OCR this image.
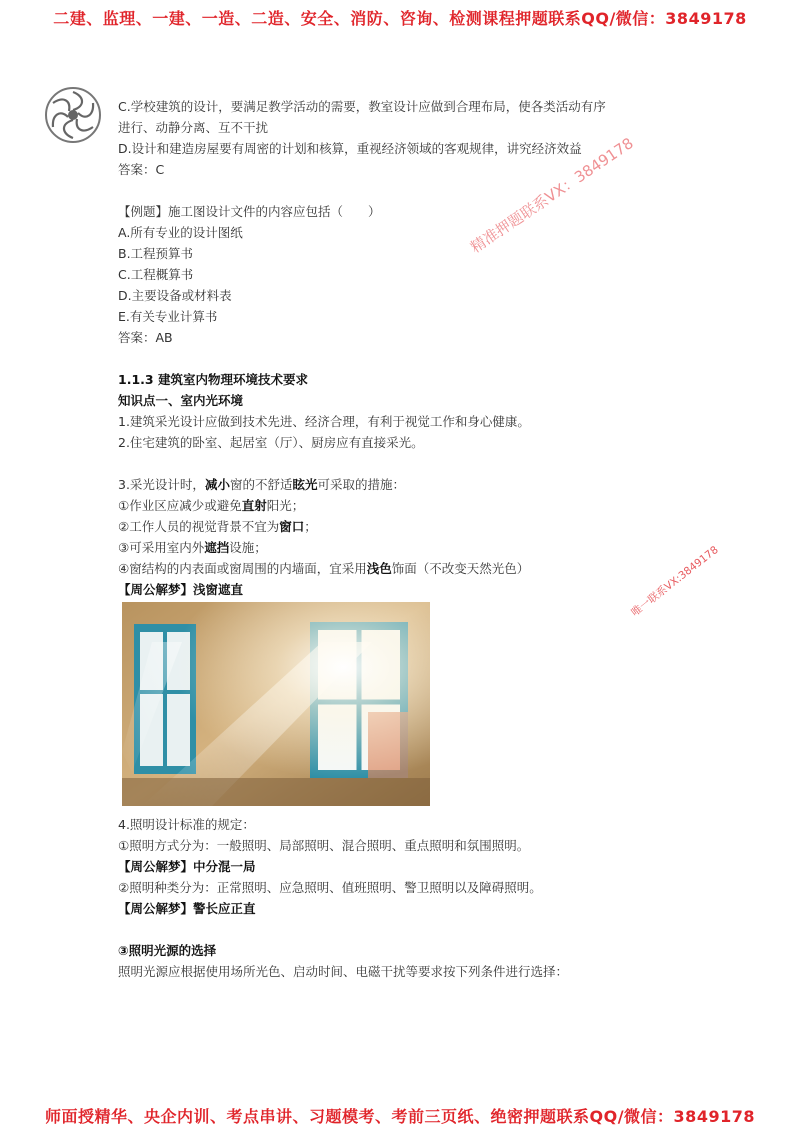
二建、监理、一建、一造、二造、安全、消防、咨询、检测课程押题联系QQ/微信：3849178
精准押题联系VX：3849178
唯一联系VX:3849178

C.学校建筑的设计，要满足教学活动的需要，教室设计应做到合理布局，使各类活动有序

进行、动静分离、互不干扰

D.设计和建造房屋要有周密的计划和核算，重视经济领域的客观规律，讲究经济效益

答案：C

【例题】施工图设计文件的内容应包括（　　）

A.所有专业的设计图纸

B.工程预算书

C.工程概算书

D.主要设备或材料表

E.有关专业计算书

答案：AB

1.1.3 建筑室内物理环境技术要求

知识点一、室内光环境

1.建筑采光设计应做到技术先进、经济合理，有利于视觉工作和身心健康。

2.住宅建筑的卧室、起居室（厅）、厨房应有直接采光。

3.采光设计时，减小窗的不舒适眩光可采取的措施：

①作业区应减少或避免直射阳光；

②工作人员的视觉背景不宜为窗口；

③可采用室内外遮挡设施；

④窗结构的内表面或窗周围的内墙面，宜采用浅色饰面（不改变天然光色）

【周公解梦】浅窗遮直

4.照明设计标准的规定：

①照明方式分为：一般照明、局部照明、混合照明、重点照明和氛围照明。

【周公解梦】中分混一局

②照明种类分为：正常照明、应急照明、值班照明、警卫照明以及障碍照明。

【周公解梦】警长应正直

③照明光源的选择

照明光源应根据使用场所光色、启动时间、电磁干扰等要求按下列条件进行选择：

师面授精华、央企内训、考点串讲、习题模考、考前三页纸、绝密押题联系QQ/微信：3849178
